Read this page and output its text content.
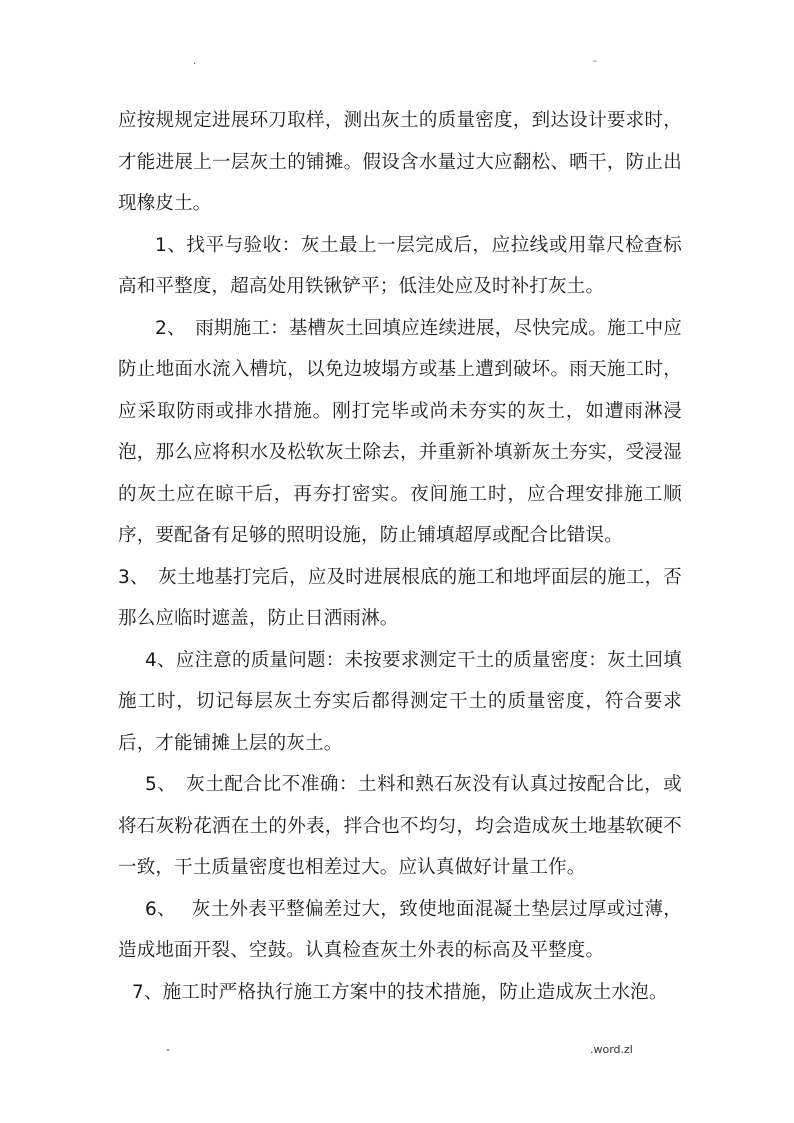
.	-

应按规规定进展环刀取样，测出灰土的质量密度，到达设计要求时，才能进展上一层灰土的铺摊。假设含水量过大应翻松、晒干，防止出现橡皮土。

1、找平与验收：灰土最上一层完成后，应拉线或用靠尺检查标高和平整度，超高处用铁锹铲平；低洼处应及时补打灰土。

2、　雨期施工：基槽灰土回填应连续进展，尽快完成。施工中应防止地面水流入槽坑，以免边坡塌方或基上遭到破坏。雨天施工时，应采取防雨或排水措施。刚打完毕或尚未夯实的灰土，如遭雨淋浸泡，那么应将积水及松软灰土除去，并重新补填新灰土夯实，受浸湿的灰土应在晾干后，再夯打密实。夜间施工时，应合理安排施工顺序，要配备有足够的照明设施，防止铺填超厚或配合比错误。

3、　灰土地基打完后，应及时进展根底的施工和地坪面层的施工，否那么应临时遮盖，防止日洒雨淋。

4、应注意的质量问题：未按要求测定干土的质量密度：灰土回填施工时，切记每层灰土夯实后都得测定干土的质量密度，符合要求后，才能铺摊上层的灰土。

5、　灰土配合比不准确：土料和熟石灰没有认真过按配合比，或将石灰粉花洒在土的外表，拌合也不均匀，均会造成灰土地基软硬不一致，干土质量密度也相差过大。应认真做好计量工作。

6、　 灰土外表平整偏差过大，致使地面混凝土垫层过厚或过薄，造成地面开裂、空鼓。认真检查灰土外表的标高及平整度。

7、施工时严格执行施工方案中的技术措施，防止造成灰土水泡。

-	.word.zl
